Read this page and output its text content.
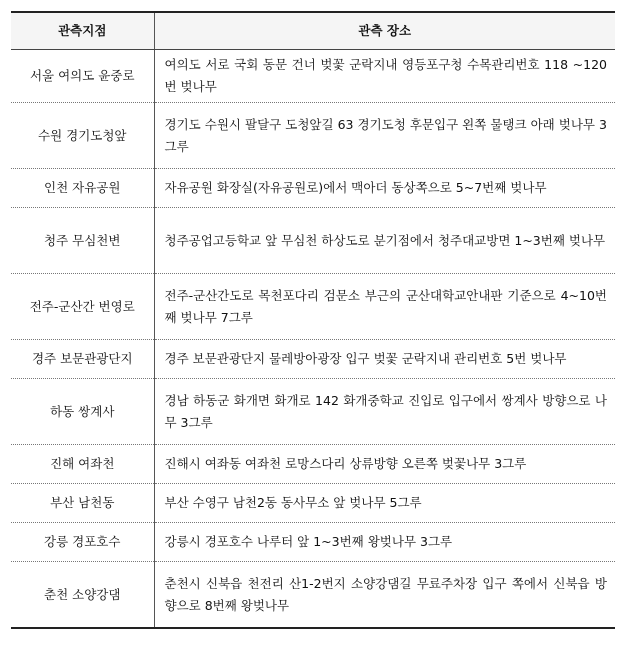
관측지점	관측 장소
서울 여의도 윤중로	여의도 서로 국회 동문 건너 벚꽃 군락지내 영등포구청 수목관리번호 118 ~120번 벚나무
수원 경기도청앞	경기도 수원시 팔달구 도청앞길 63 경기도청 후문입구 왼쪽 물탱크 아래 벚나무 3그루
인천 자유공원	자유공원 화장실(자유공원로)에서 맥아더 동상쪽으로 5~7번째 벚나무
청주 무심천변	청주공업고등학교 앞 무심천 하상도로 분기점에서 청주대교방면 1~3번째 벚나무
전주-군산간 번영로	전주-군산간도로 목천포다리 검문소 부근의 군산대학교안내판 기준으로 4~10번째 벚나무 7그루
경주 보문관광단지	경주 보문관광단지 물레방아광장 입구 벚꽃 군락지내 관리번호 5번 벚나무
하동 쌍계사	경남 하동군 화개면 화개로 142 화개중학교 진입로 입구에서 쌍계사 방향으로 나무 3그루
진해 여좌천	진해시 여좌동 여좌천 로망스다리 상류방향 오른쪽 벚꽃나무 3그루
부산 남천동	부산 수영구 남천2동 동사무소 앞 벚나무 5그루
강릉 경포호수	강릉시 경포호수 나루터 앞 1~3번째 왕벚나무 3그루
춘천 소양강댐	춘천시 신북읍 천전리 산1-2번지 소양강댐길 무료주차장 입구 쪽에서 신북읍 방향으로 8번째 왕벚나무
